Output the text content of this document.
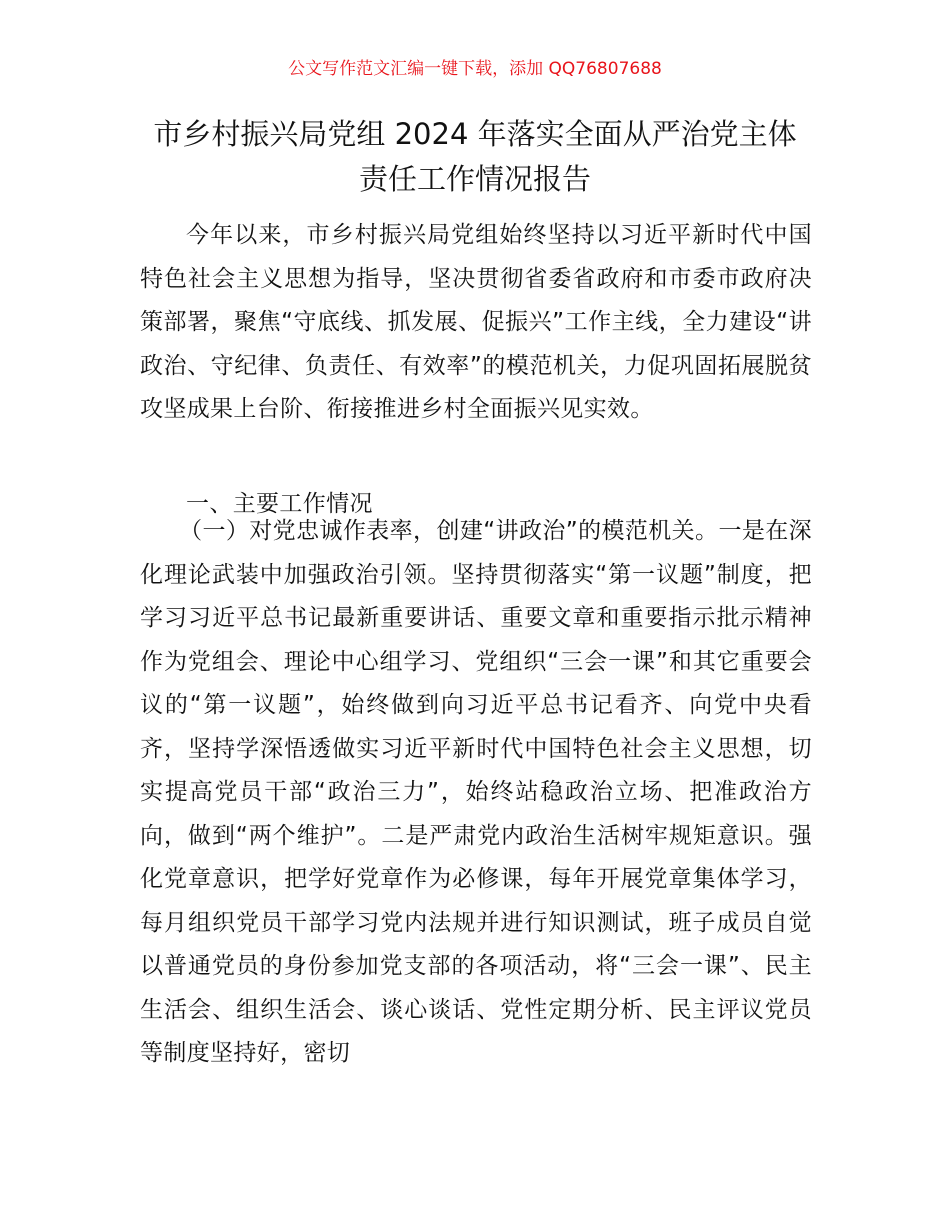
公文写作范文汇编一键下载，添加 QQ76807688
市乡村振兴局党组 2024 年落实全面从严治党主体责任工作情况报告

今年以来，市乡村振兴局党组始终坚持以习近平新时代中国特色社会主义思想为指导，坚决贯彻省委省政府和市委市政府决策部署，聚焦“守底线、抓发展、促振兴”工作主线，全力建设“讲政治、守纪律、负责任、有效率”的模范机关，力促巩固拓展脱贫攻坚成果上台阶、衔接推进乡村全面振兴见实效。

一、主要工作情况

（一）对党忠诚作表率，创建“讲政治”的模范机关。一是在深化理论武装中加强政治引领。坚持贯彻落实“第一议题”制度，把学习习近平总书记最新重要讲话、重要文章和重要指示批示精神作为党组会、理论中心组学习、党组织“三会一课”和其它重要会议的“第一议题”，始终做到向习近平总书记看齐、向党中央看齐，坚持学深悟透做实习近平新时代中国特色社会主义思想，切实提高党员干部“政治三力”，始终站稳政治立场、把准政治方向，做到“两个维护”。二是严肃党内政治生活树牢规矩意识。强化党章意识，把学好党章作为必修课，每年开展党章集体学习，每月组织党员干部学习党内法规并进行知识测试，班子成员自觉以普通党员的身份参加党支部的各项活动，将“三会一课”、民主生活会、组织生活会、谈心谈话、党性定期分析、民主评议党员等制度坚持好，密切
